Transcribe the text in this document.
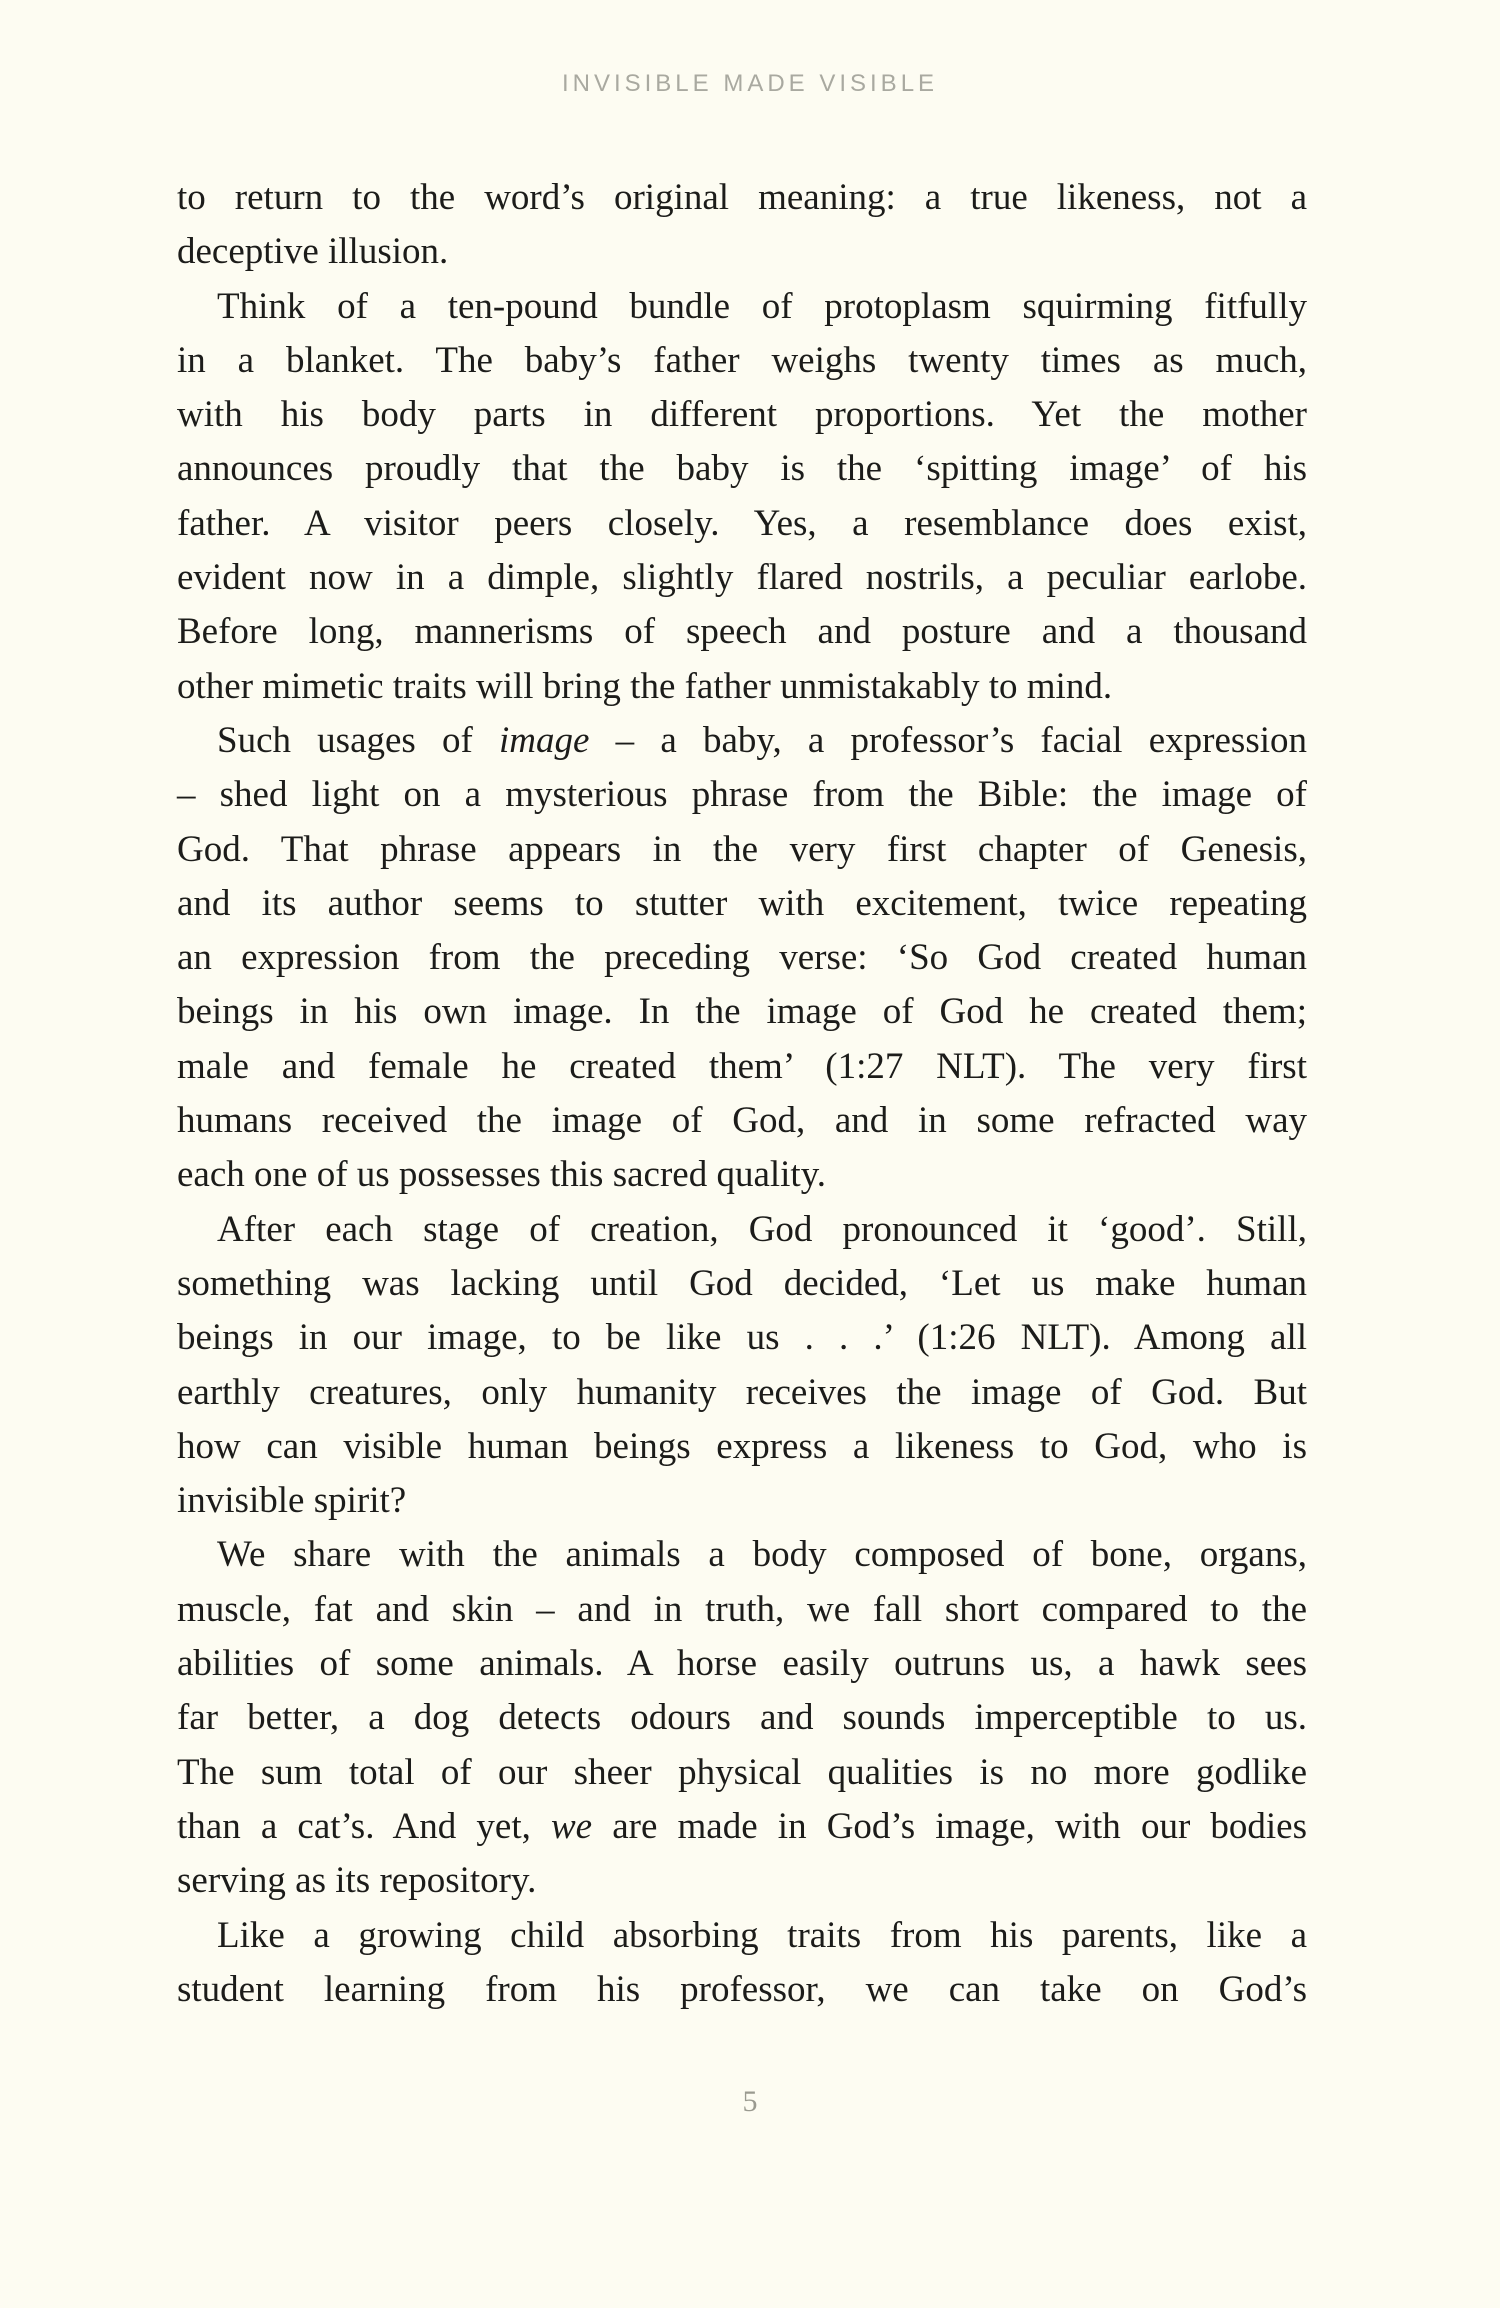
INVISIBLE MADE VISIBLE
to return to the word’s original meaning: a true likeness, not a
deceptive illusion.
Think of a ten-pound bundle of protoplasm squirming fitfully
in a blanket. The baby’s father weighs twenty times as much,
with his body parts in different proportions. Yet the mother
announces proudly that the baby is the ‘spitting image’ of his
father. A visitor peers closely. Yes, a resemblance does exist,
evident now in a dimple, slightly flared nostrils, a peculiar earlobe.
Before long, mannerisms of speech and posture and a thousand
other mimetic traits will bring the father unmistakably to mind.
Such usages of image – a baby, a professor’s facial expression
– shed light on a mysterious phrase from the Bible: the image of
God. That phrase appears in the very first chapter of Genesis,
and its author seems to stutter with excitement, twice repeating
an expression from the preceding verse: ‘So God created human
beings in his own image. In the image of God he created them;
male and female he created them’ (1:27 NLT). The very first
humans received the image of God, and in some refracted way
each one of us possesses this sacred quality.
After each stage of creation, God pronounced it ‘good’. Still,
something was lacking until God decided, ‘Let us make human
beings in our image, to be like us . . .’ (1:26 NLT). Among all
earthly creatures, only humanity receives the image of God. But
how can visible human beings express a likeness to God, who is
invisible spirit?
We share with the animals a body composed of bone, organs,
muscle, fat and skin – and in truth, we fall short compared to the
abilities of some animals. A horse easily outruns us, a hawk sees
far better, a dog detects odours and sounds imperceptible to us.
The sum total of our sheer physical qualities is no more godlike
than a cat’s. And yet, we are made in God’s image, with our bodies
serving as its repository.
Like a growing child absorbing traits from his parents, like a
student learning from his professor, we can take on God’s
5
